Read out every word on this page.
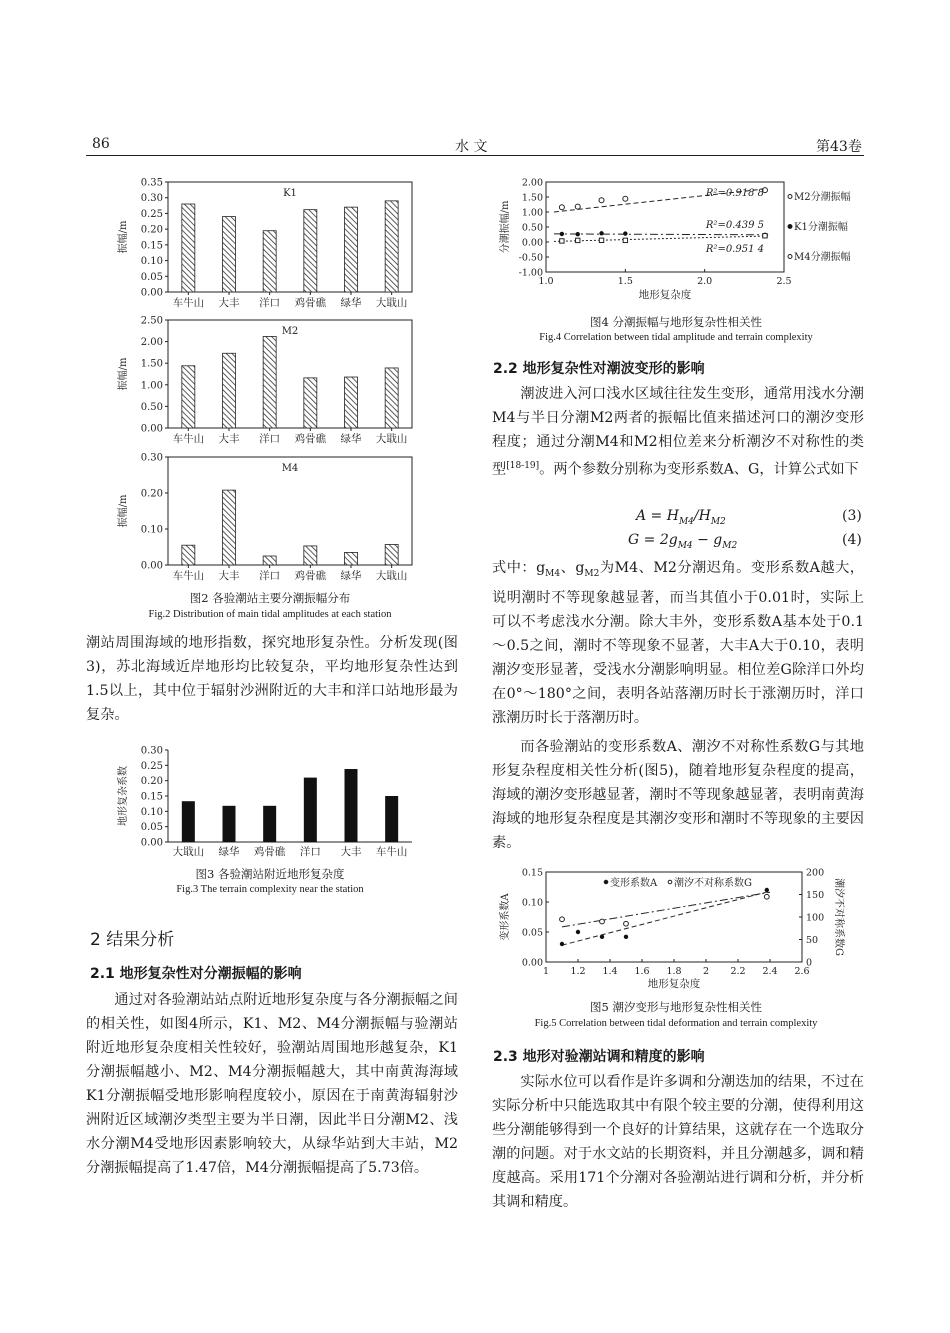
86	水 文	第43卷
K1
0.00
0.05
0.10
0.15
0.20
0.25
0.30
0.35
车牛山 大丰 洋口 鸡骨礁 绿华 大戢山
振幅/m
M2
0.00
0.50
1.00
1.50
2.00
2.50
车牛山 大丰 洋口 鸡骨礁 绿华 大戢山
振幅/m
M4
0.00
0.10
0.20
0.30
车牛山 大丰 洋口 鸡骨礁 绿华 大戢山
振幅/m
图2 各验潮站主要分潮振幅分布
Fig.2 Distribution of main tidal amplitudes at each station

潮站周围海域的地形指数，探究地形复杂性。分析发现(图3)，苏北海域近岸地形均比较复杂，平均地形复杂性达到1.5以上，其中位于辐射沙洲附近的大丰和洋口站地形最为复杂。

0.00
0.05
0.10
0.15
0.20
0.25
0.30
大戢山 绿华 鸡骨礁 洋口 大丰 车牛山
地形复杂系数
图3 各验潮站附近地形复杂度
Fig.3 The terrain complexity near the station
2 结果分析
2.1 地形复杂性对分潮振幅的影响

通过对各验潮站站点附近地形复杂度与各分潮振幅之间的相关性，如图4所示，K1、M2、M4分潮振幅与验潮站附近地形复杂度相关性较好，验潮站周围地形越复杂，K1分潮振幅越小、M2、M4分潮振幅越大，其中南黄海海域K1分潮振幅受地形影响程度较小，原因在于南黄海辐射沙洲附近区域潮汐类型主要为半日潮，因此半日分潮M2、浅水分潮M4受地形因素影响较大，从绿华站到大丰站，M2分潮振幅提高了1.47倍，M4分潮振幅提高了5.73倍。

-1.00
-0.50
0.00
0.50
1.00
1.50
2.00
1.0	1.5	2.0	2.5
地形复杂度
分潮振幅/m
R²=0.918 8	M2分潮振幅
R²=0.439 5	K1分潮振幅
R²=0.951 4
M4分潮振幅
图4 分潮振幅与地形复杂性相关性
Fig.4 Correlation between tidal amplitude and terrain complexity
2.2 地形复杂性对潮波变形的影响

潮波进入河口浅水区域往往发生变形，通常用浅水分潮M4与半日分潮M2两者的振幅比值来描述河口的潮汐变形程度；通过分潮M4和M2相位差来分析潮汐不对称性的类型[18-19]。两个参数分别称为变形系数A、G，计算公式如下

$A = H_{M4}/H_{M2}$	(3)
$G = 2g_{M4} - g_{M2}$	(4)

式中：$g_{M4}$、$g_{M2}$为M4、M2分潮迟角。变形系数A越大，说明潮时不等现象越显著，而当其值小于0.01时，实际上可以不考虑浅水分潮。除大丰外，变形系数A基本处于0.1～0.5之间，潮时不等现象不显著，大丰A大于0.10，表明潮汐变形显著，受浅水分潮影响明显。相位差G除洋口外均在0°～180°之间，表明各站落潮历时长于涨潮历时，洋口涨潮历时长于落潮历时。

而各验潮站的变形系数A、潮汐不对称性系数G与其地形复杂程度相关性分析(图5)，随着地形复杂程度的提高，海域的潮汐变形越显著，潮时不等现象越显著，表明南黄海海域的地形复杂程度是其潮汐变形和潮时不等现象的主要因素。

0.00
0.05
0.10
0.15
0
50
100
150
200
1 1.2 1.4 1.6 1.8 2 2.2 2.4 2.6
地形复杂度
变形系数A	潮汐不对称系数G
变形系数A 潮汐不对称系数G
图5 潮汐变形与地形复杂性相关性
Fig.5 Correlation between tidal deformation and terrain complexity
2.3 地形对验潮站调和精度的影响

实际水位可以看作是许多调和分潮迭加的结果，不过在实际分析中只能选取其中有限个较主要的分潮，使得利用这些分潮能够得到一个良好的计算结果，这就存在一个选取分潮的问题。对于水文站的长期资料，并且分潮越多，调和精度越高。采用171个分潮对各验潮站进行调和分析，并分析其调和精度。
